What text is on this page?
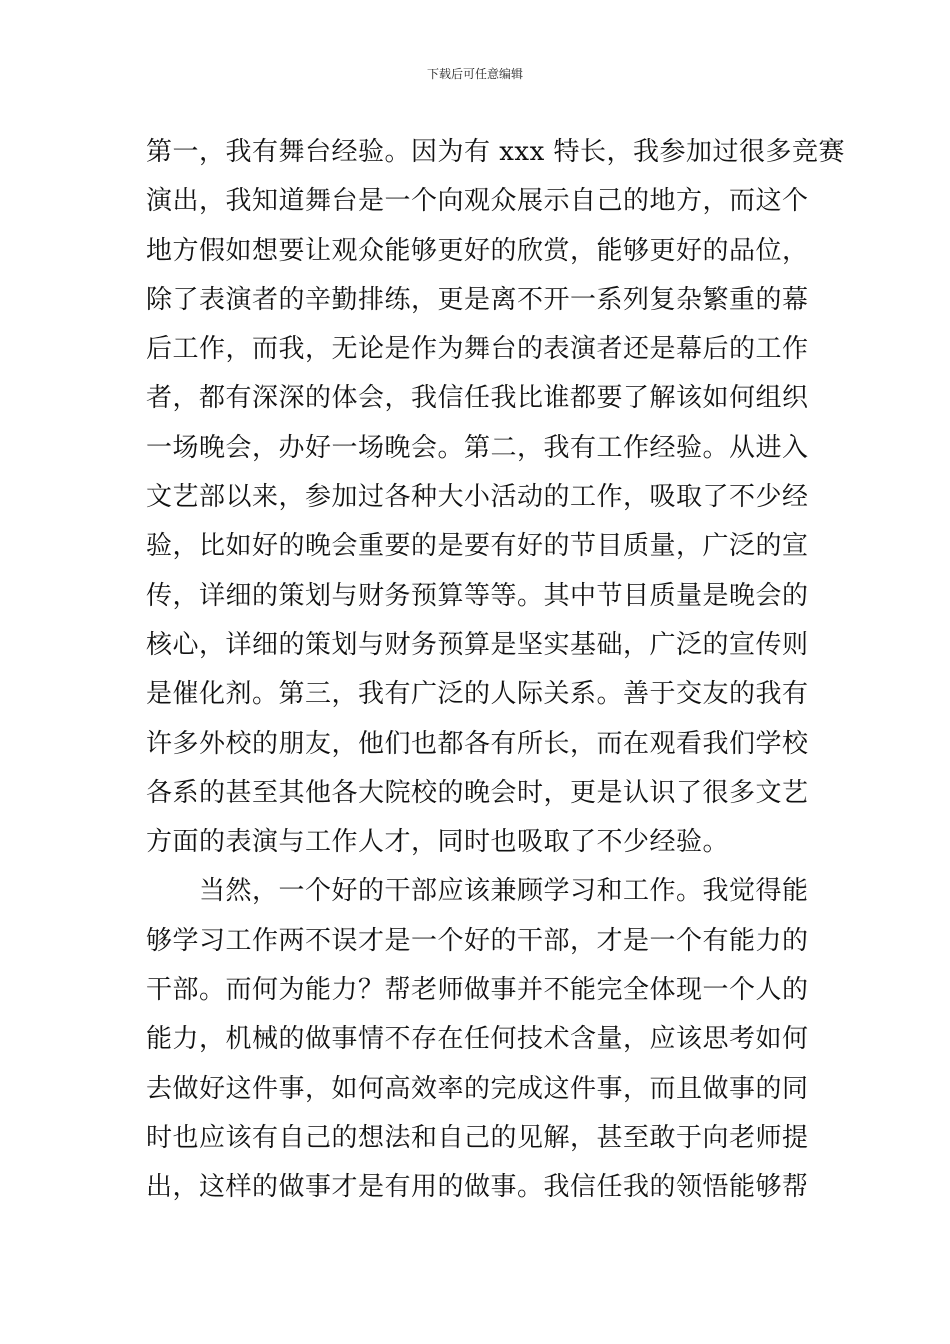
下载后可任意编辑
第一，我有舞台经验。因为有 xxx 特长，我参加过很多竞赛
演出，我知道舞台是一个向观众展示自己的地方，而这个
地方假如想要让观众能够更好的欣赏，能够更好的品位，
除了表演者的辛勤排练，更是离不开一系列复杂繁重的幕
后工作，而我，无论是作为舞台的表演者还是幕后的工作
者，都有深深的体会，我信任我比谁都要了解该如何组织
一场晚会，办好一场晚会。第二，我有工作经验。从进入
文艺部以来，参加过各种大小活动的工作，吸取了不少经
验，比如好的晚会重要的是要有好的节目质量，广泛的宣
传，详细的策划与财务预算等等。其中节目质量是晚会的
核心，详细的策划与财务预算是坚实基础，广泛的宣传则
是催化剂。第三，我有广泛的人际关系。善于交友的我有
许多外校的朋友，他们也都各有所长，而在观看我们学校
各系的甚至其他各大院校的晚会时，更是认识了很多文艺
方面的表演与工作人才，同时也吸取了不少经验。
　　当然，一个好的干部应该兼顾学习和工作。我觉得能
够学习工作两不误才是一个好的干部，才是一个有能力的
干部。而何为能力？帮老师做事并不能完全体现一个人的
能力，机械的做事情不存在任何技术含量，应该思考如何
去做好这件事，如何高效率的完成这件事，而且做事的同
时也应该有自己的想法和自己的见解，甚至敢于向老师提
出，这样的做事才是有用的做事。我信任我的领悟能够帮
